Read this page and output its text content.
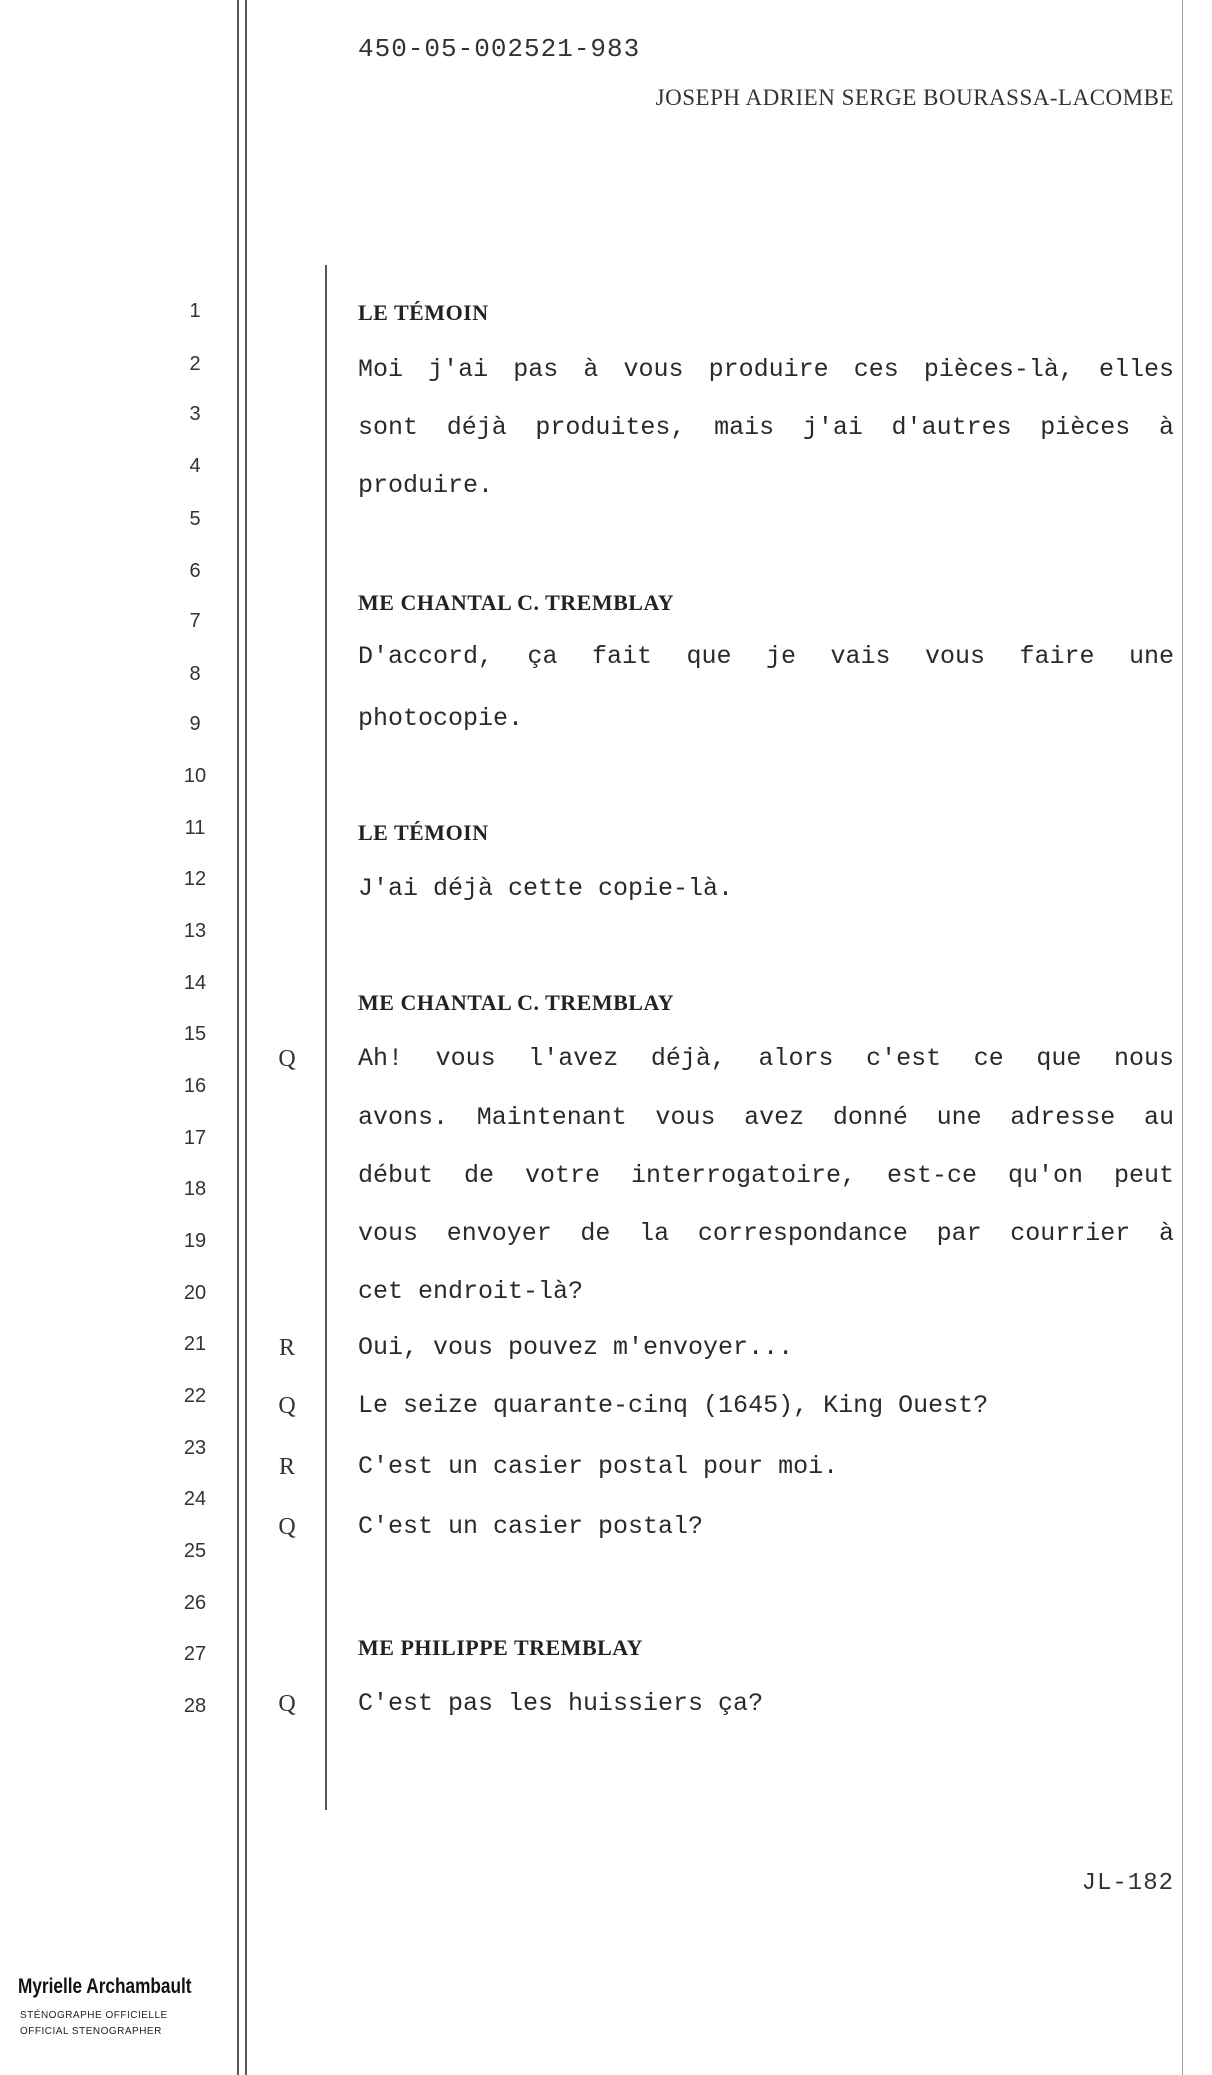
450-05-002521-983
JOSEPH ADRIEN SERGE BOURASSA-LACOMBE
1
2
3
4
5
6
7
8
9
10
11
12
13
14
15
16
17
18
19
20
21
22
23
24
25
26
27
28
LE TÉMOIN
Moi j'ai pas à vous produire ces pièces-là, elles
sont déjà produites, mais j'ai d'autres pièces à
produire.
ME CHANTAL C. TREMBLAY
D'accord, ça fait que je vais vous faire une
photocopie.
LE TÉMOIN
J'ai déjà cette copie-là.
ME CHANTAL C. TREMBLAY
Q Ah! vous l'avez déjà, alors c'est ce que nous
avons. Maintenant vous avez donné une adresse au
début de votre interrogatoire, est-ce qu'on peut
vous envoyer de la correspondance par courrier à
cet endroit-là?
R	Oui, vous pouvez m'envoyer...
Q Le seize quarante-cinq (1645), King Ouest?
R	C'est un casier postal pour moi.
Q C'est un casier postal?
ME PHILIPPE TREMBLAY
Q C'est pas les huissiers ça?
JL-182
Myrielle Archambault
STÉNOGRAPHE OFFICIELLE
OFFICIAL STENOGRAPHER
